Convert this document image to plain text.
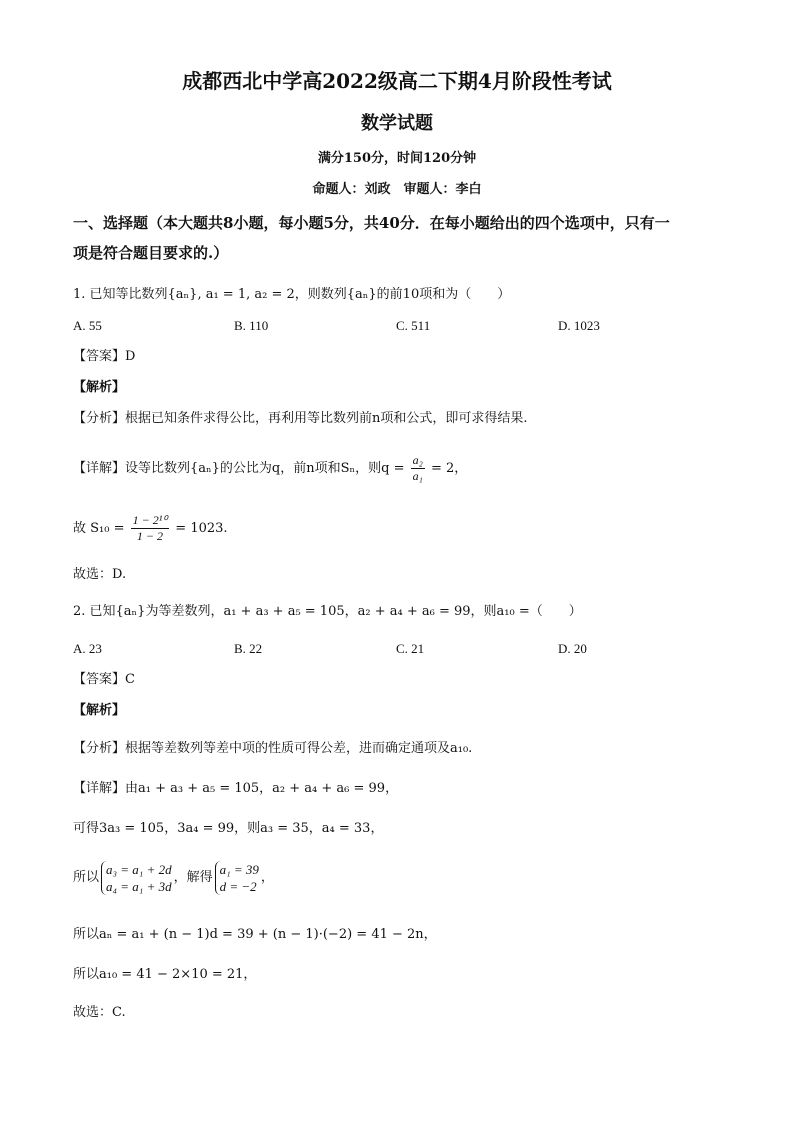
成都西北中学高2022级高二下期4月阶段性考试
数学试题
满分150分，时间120分钟
命题人：刘政　审题人：李白
一、选择题（本大题共8小题，每小题5分，共40分．在每小题给出的四个选项中，只有一
项是符合题目要求的.）
1. 已知等比数列{aₙ}, a₁ = 1, a₂ = 2，则数列{aₙ}的前10项和为（　　）
A. 55	B. 110	C. 511	D. 1023
【答案】D
【解析】
【分析】根据已知条件求得公比，再利用等比数列前n项和公式，即可求得结果.
【详解】设等比数列{aₙ}的公比为q，前n项和Sₙ，则$q = \frac{\text{a₂}}{\text{a₁}} = 2$，
故 $S_{10} = \frac{\text{1 − 2¹⁰}}{1 - 2} = 1023$.
故选：D.
2. 已知{aₙ}为等差数列，a₁ + a₃ + a₅ = 105，a₂ + a₄ + a₆ = 99，则a₁₀ =（　　）
A. 23	B. 22	C. 21	D. 20
【答案】C
【解析】
【分析】根据等差数列等差中项的性质可得公差，进而确定通项及a₁₀.
【详解】由a₁ + a₃ + a₅ = 105，a₂ + a₄ + a₆ = 99，
可得3a₃ = 105，3a₄ = 99，则a₃ = 35，a₄ = 33，
所以
a₃ = a₁ + 2d
a₄ = a₁ + 3d
，解得
a₁ = 39
d = −2
，
所以aₙ = a₁ + (n − 1)d = 39 + (n − 1)·(−2) = 41 − 2n，
所以a₁₀ = 41 − 2×10 = 21，
故选：C.
